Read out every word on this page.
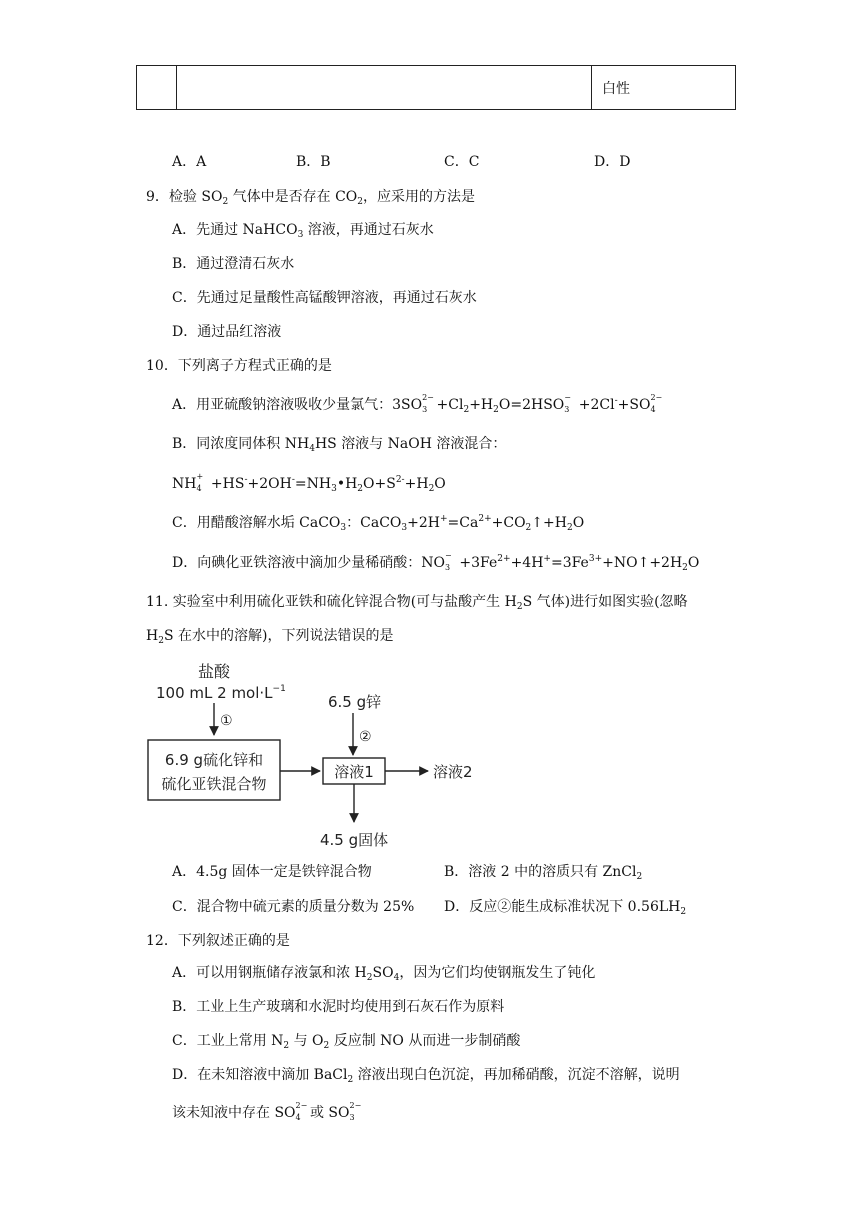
		白性
A．A	B．B	C．C	D．D
9．检验 $SO_2$ 气体中是否存在 $CO_2$，应采用的方法是
A．先通过 NaHCO$_3$ 溶液，再通过石灰水
B．通过澄清石灰水
C．先通过足量酸性高锰酸钾溶液，再通过石灰水
D．通过品红溶液
10．下列离子方程式正确的是
A．用亚硫酸钠溶液吸收少量氯气：3SO 2−
$3 +Cl_2+H_2O=2HSO$ −
3 +2Cl-+SO 2−
4
B．同浓度同体积 $NH_4HS$ 溶液与 NaOH 溶液混合：
NH +
$4 +HS^-+2OH^-=NH_3•H_2O+S^{2-}+H_2O$
C．用醋酸溶解水垢 CaCO$_3$：$CaCO_3+2H^+=Ca^{2+}+CO_2↑+H_2O$
D．向碘化亚铁溶液中滴加少量稀硝酸：NO −
$3 +3Fe^{2+}+4H^+=3Fe^{3+}+NO↑+2H_2O$
11. 实验室中利用硫化亚铁和硫化锌混合物(可与盐酸产生 $H_2S$ 气体)进行如图实验(忽略
$H_2S$ 在水中的溶解)，下列说法错误的是
盐酸
100 mL 2 $mol\cdot L^{-1}$
①
6.9 g硫化锌和
硫化亚铁混合物
6.5 g锌
②
溶液1	溶液2
4.5 g固体
A．4.5g 固体一定是铁锌混合物	B．溶液 2 中的溶质只有 ZnCl$_2$
C．混合物中硫元素的质量分数为 25% D．反应②能生成标准状况下 $0.56LH_2$
12．下列叙述正确的是
A．可以用钢瓶储存液氯和浓 $H_2SO_4$，因为它们均使钢瓶发生了钝化
B．工业上生产玻璃和水泥时均使用到石灰石作为原料
C．工业上常用 $N_2$ 与 $O_2$ 反应制 NO 从而进一步制硝酸
D．在未知溶液中滴加 BaCl$_2$ 溶液出现白色沉淀，再加稀硝酸，沉淀不溶解，说明
该未知液中存在 SO 2−
4 或 SO 2−
3
